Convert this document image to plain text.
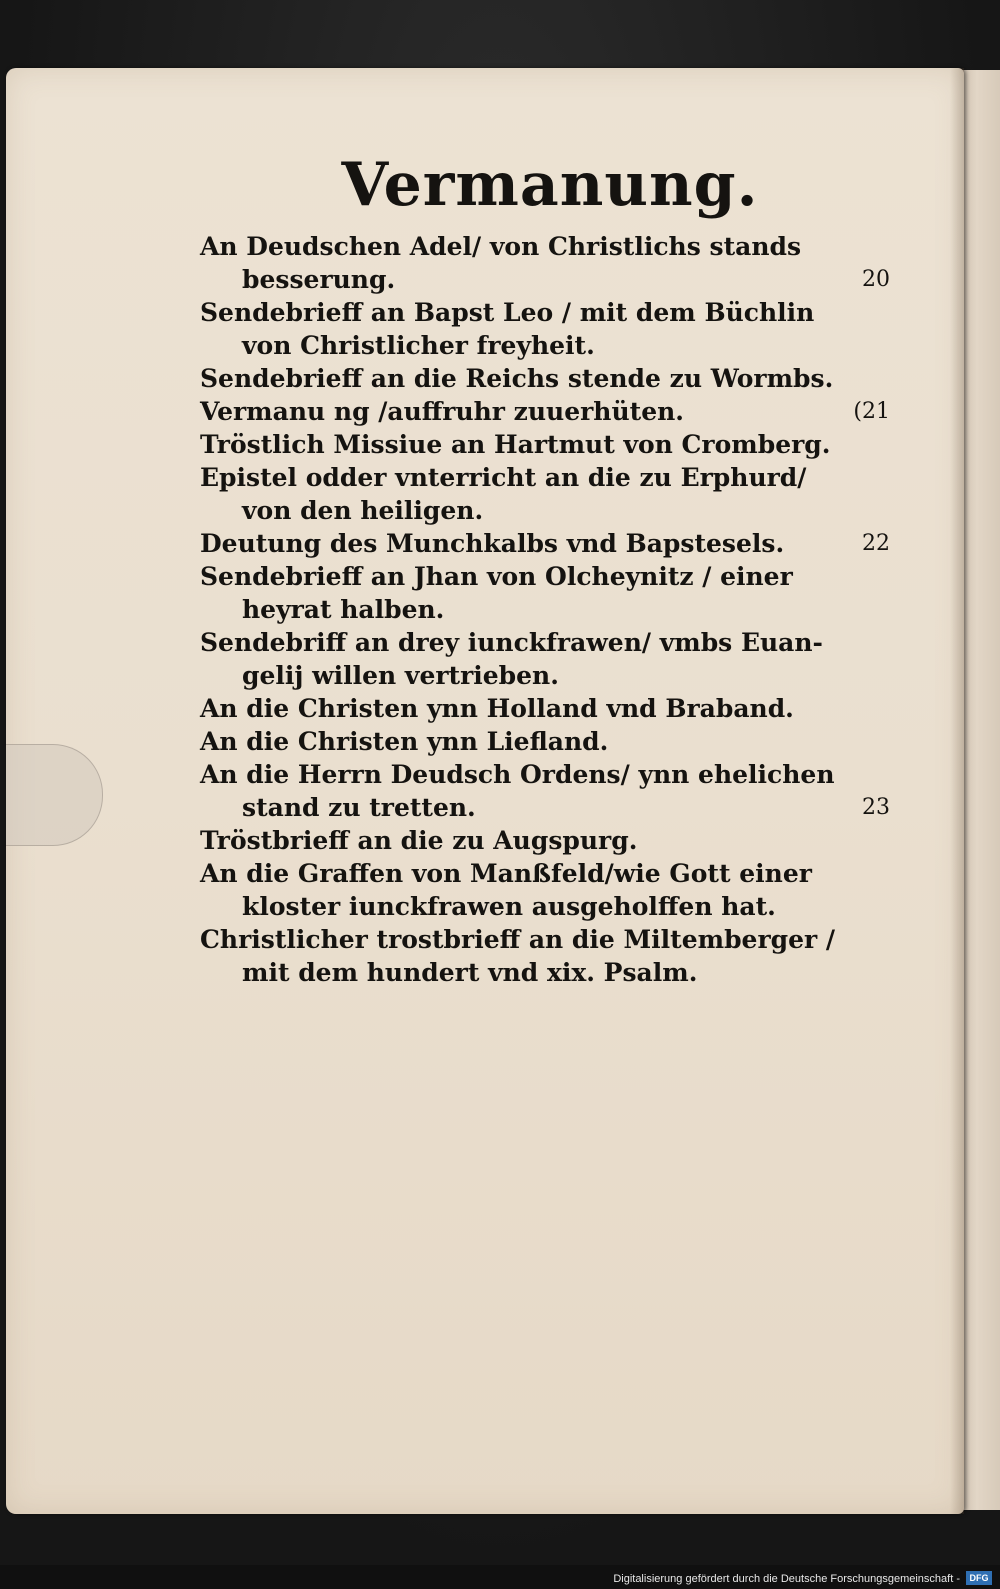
Vermanung.
An Deudschen Adel/ von Christlichs stands
besserung.	20
Sendebrieff an Bapst Leo / mit dem Büchlin
von Christlicher freyheit.
Sendebrieff an die Reichs stende zu Wormbs.
Vermanu ng /auffruhr zuuerhüten.	(21
Tröstlich Missiue an Hartmut von Cromberg.
Epistel odder vnterricht an die zu Erphurd/
von den heiligen.
Deutung des Munchkalbs vnd Bapstesels.	22
Sendebrieff an Jhan von Olcheynitz / einer
heyrat halben.
Sendebriff an drey iunckfrawen/ vmbs Euan-
gelij willen vertrieben.
An die Christen ynn Holland vnd Braband.
An die Christen ynn Liefland.
An die Herrn Deudsch Ordens/ ynn ehelichen
stand zu tretten.	23
Tröstbrieff an die zu Augspurg.
An die Graffen von Manßfeld/wie Gott einer
kloster iunckfrawen ausgeholffen hat.
Christlicher trostbrieff an die Miltemberger /
mit dem hundert vnd xix. Psalm.
Digitalisierung gefördert durch die Deutsche Forschungsgemeinschaft -	DFG
